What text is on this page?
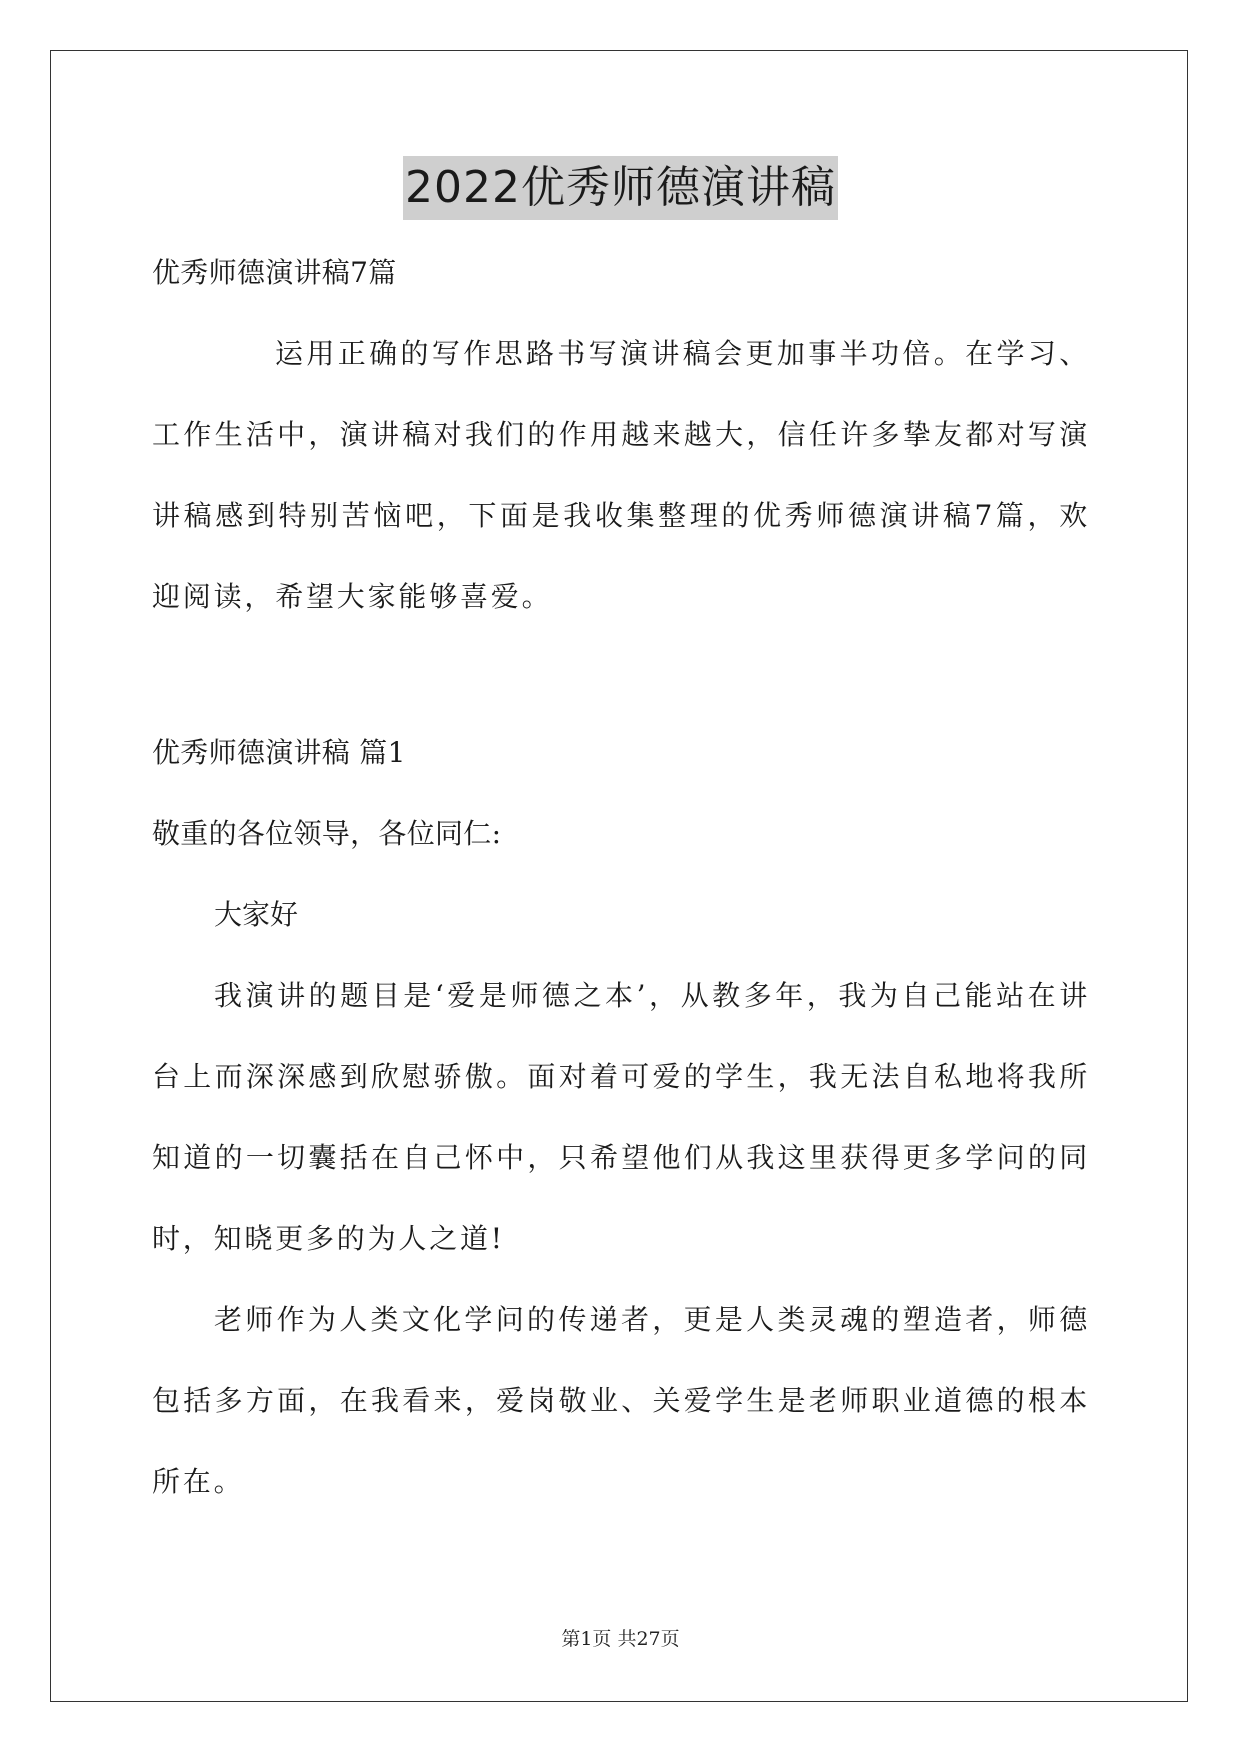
2022优秀师德演讲稿
优秀师德演讲稿7篇
运用正确的写作思路书写演讲稿会更加事半功倍。在学习、工作生活中，演讲稿对我们的作用越来越大，信任许多挚友都对写演讲稿感到特别苦恼吧，下面是我收集整理的优秀师德演讲稿7篇，欢迎阅读，希望大家能够喜爱。
优秀师德演讲稿 篇1
敬重的各位领导，各位同仁:
大家好
我演讲的题目是‘爱是师德之本’，从教多年，我为自己能站在讲台上而深深感到欣慰骄傲。面对着可爱的学生，我无法自私地将我所知道的一切囊括在自己怀中，只希望他们从我这里获得更多学问的同时，知晓更多的为人之道!
老师作为人类文化学问的传递者，更是人类灵魂的塑造者，师德包括多方面，在我看来，爱岗敬业、关爱学生是老师职业道德的根本所在。
第1页 共27页
